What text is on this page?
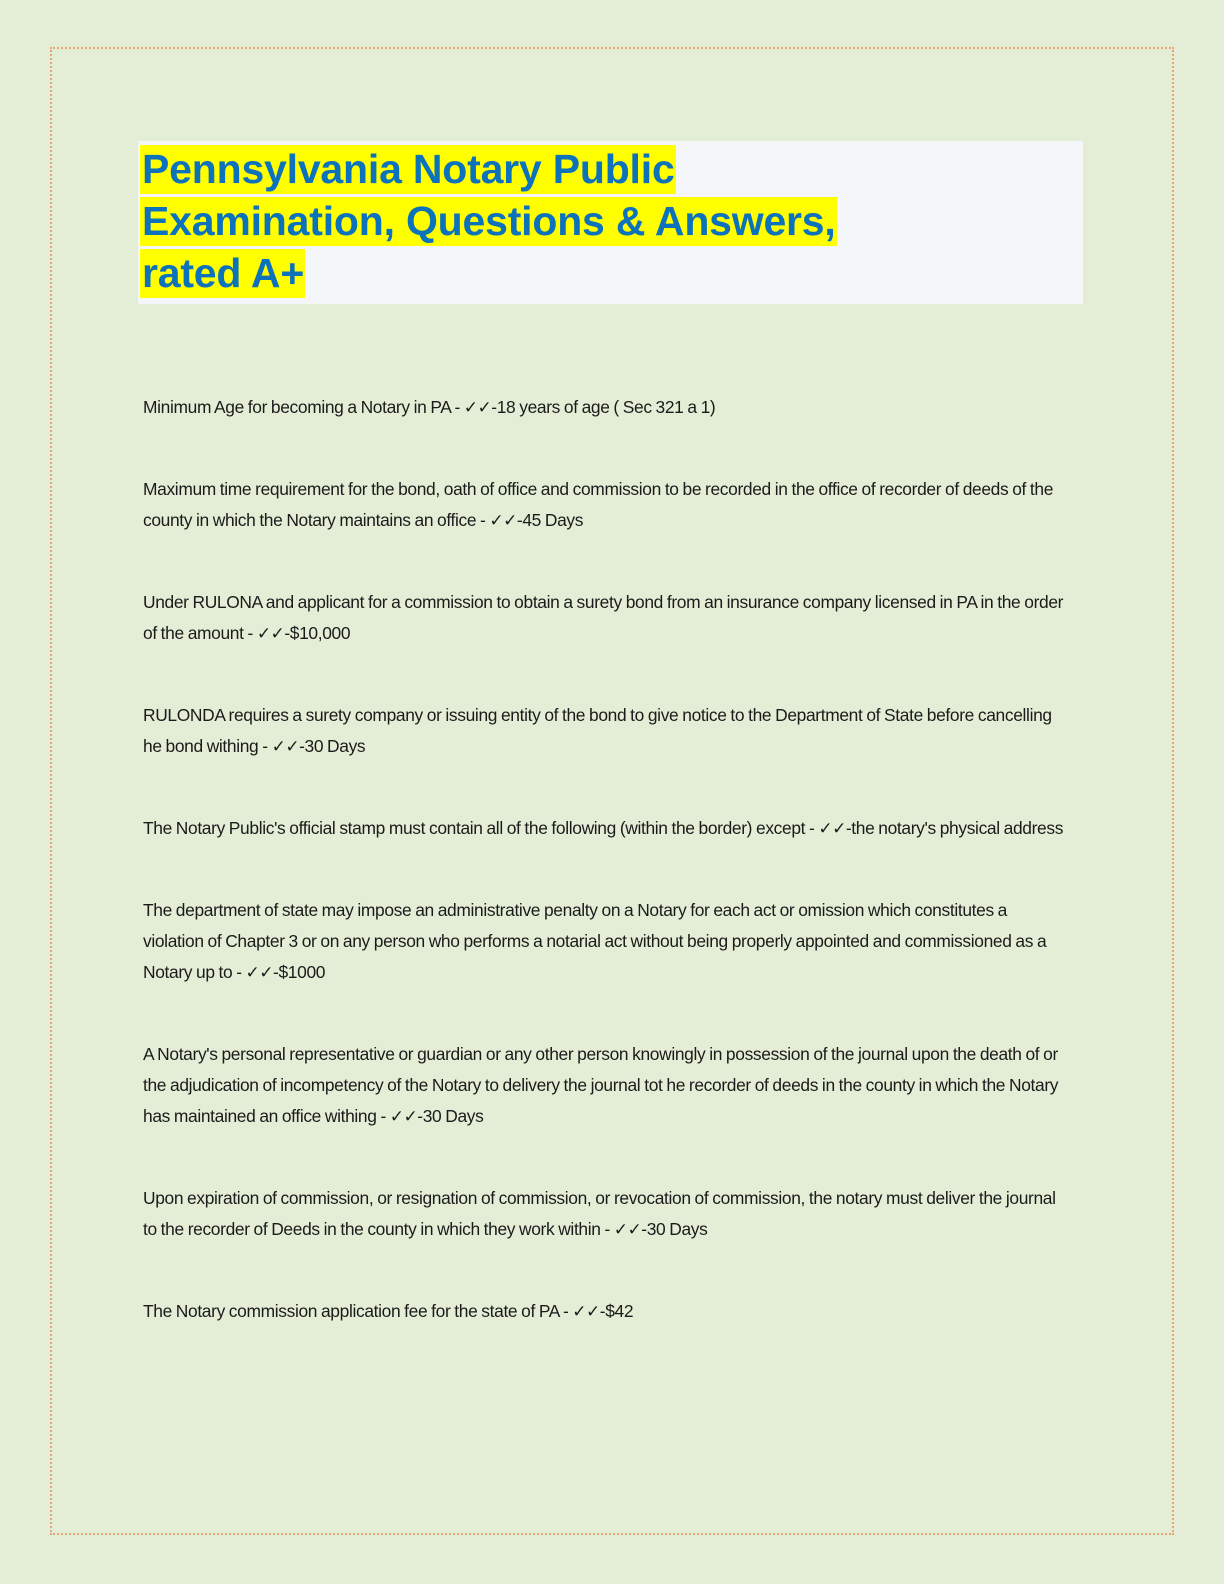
Pennsylvania Notary Public
Examination, Questions & Answers,
rated A+

Minimum Age for becoming a Notary in PA - ✓✓-18 years of age ( Sec 321 a 1)

Maximum time requirement for the bond, oath of office and commission to be recorded in the office of recorder of deeds of the county in which the Notary maintains an office - ✓✓-45 Days

Under RULONA and applicant for a commission to obtain a surety bond from an insurance company licensed in PA in the order of the amount - ✓✓-$10,000

RULONDA requires a surety company or issuing entity of the bond to give notice to the Department of State before cancelling he bond withing - ✓✓-30 Days

The Notary Public's official stamp must contain all of the following (within the border) except - ✓✓-the notary's physical address

The department of state may impose an administrative penalty on a Notary for each act or omission which constitutes a violation of Chapter 3 or on any person who performs a notarial act without being properly appointed and commissioned as a Notary up to - ✓✓-$1000

A Notary's personal representative or guardian or any other person knowingly in possession of the journal upon the death of or the adjudication of incompetency of the Notary to delivery the journal tot he recorder of deeds in the county in which the Notary has maintained an office withing - ✓✓-30 Days

Upon expiration of commission, or resignation of commission, or revocation of commission, the notary must deliver the journal to the recorder of Deeds in the county in which they work within - ✓✓-30 Days

The Notary commission application fee for the state of PA - ✓✓-$42
